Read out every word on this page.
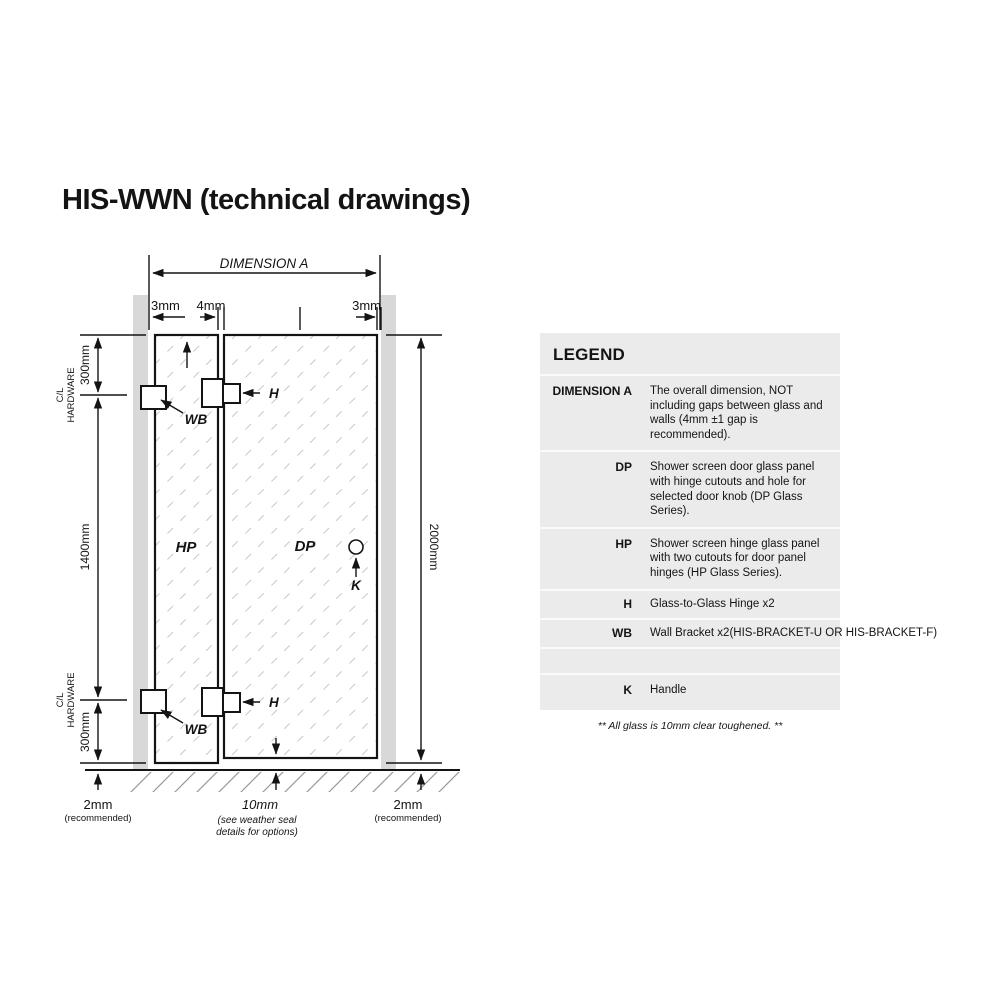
HIS-WWN (technical drawings)
DIMENSION A
3mm 4mm	3mm
HP	DP
WB
WB
H
H
K
300mm
C/L HARDWARE
1400mm
C/L HARDWARE
300mm
2000mm
2mm
(recommended)
10mm
(see weather seal
details for options)
2mm
(recommended)
LEGEND
DIMENSION A The overall dimension, NOT including gaps between glass and walls (4mm ±1 gap is recommended).
DP Shower screen door glass panel with hinge cutouts and hole for selected door knob (DP Glass Series).
HP Shower screen hinge glass panel with two cutouts for door panel hinges (HP Glass Series).
H Glass-to-Glass Hinge x2
WB Wall Bracket x2(HIS-BRACKET-U OR HIS-BRACKET-F)
K Handle
** All glass is 10mm clear toughened. **
